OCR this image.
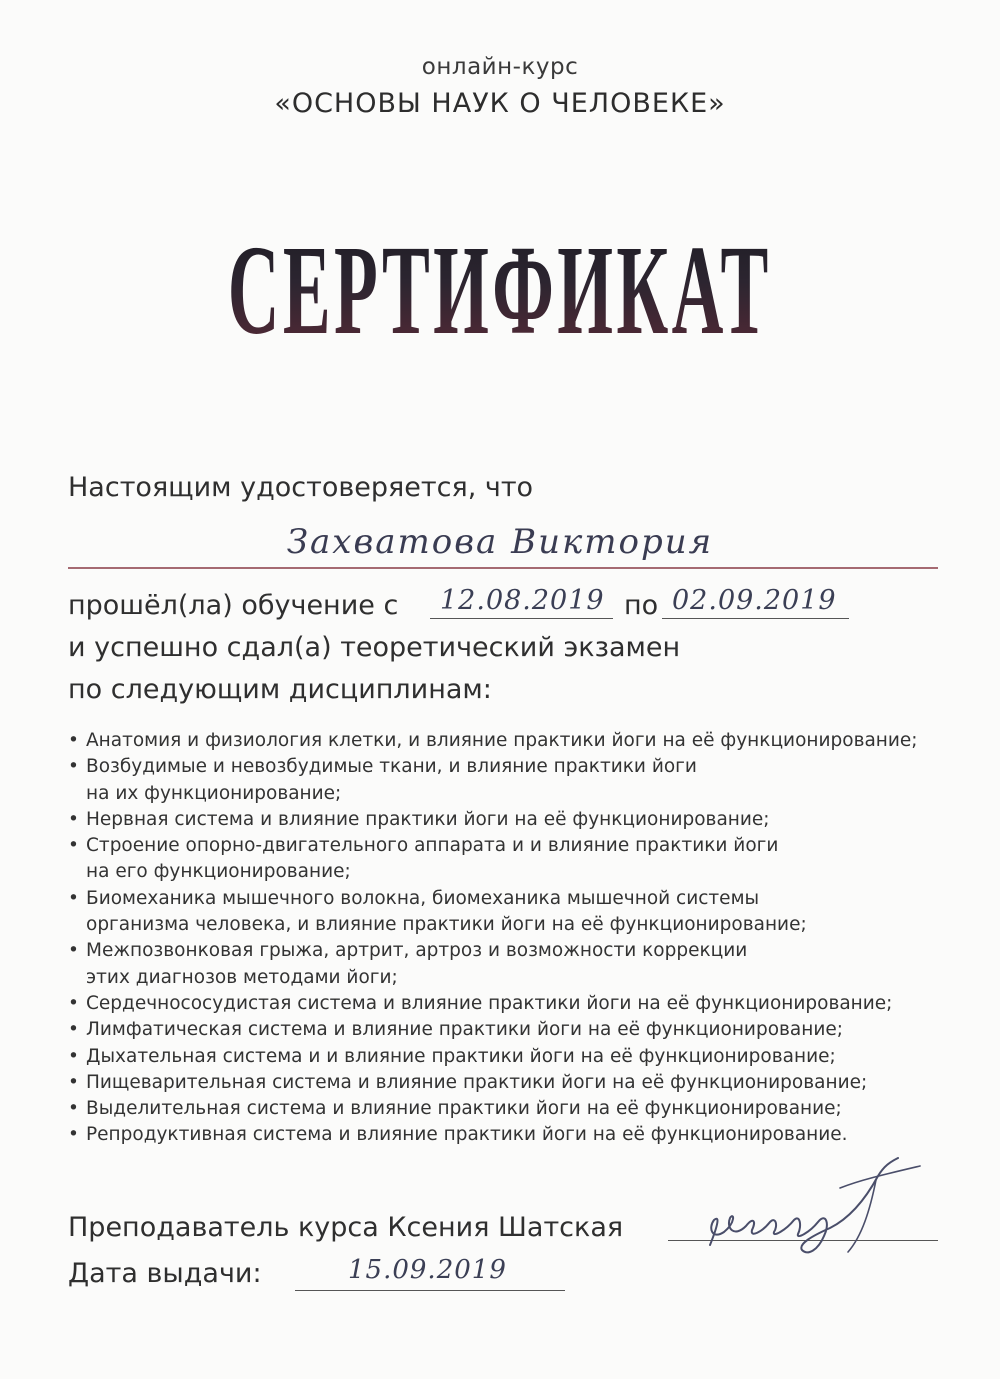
онлайн-курс
«ОСНОВЫ НАУК О ЧЕЛОВЕКЕ»
СЕРТИФИКАТ
Настоящим удостоверяется, что
Захватова Виктория
прошёл(ла) обучение с 12.08.2019 по 02.09.2019
и успешно сдал(а) теоретический экзамен
по следующим дисциплинам:
• Анатомия и физиология клетки, и влияние практики йоги на её функционирование;
• Возбудимые и невозбудимые ткани, и влияние практики йоги
на их функционирование;
• Нервная система и влияние практики йоги на её функционирование;
• Строение опорно-двигательного аппарата и и влияние практики йоги
на его функционирование;
• Биомеханика мышечного волокна, биомеханика мышечной системы
организма человека, и влияние практики йоги на её функционирование;
• Межпозвонковая грыжа, артрит, артроз и возможности коррекции
этих диагнозов методами йоги;
• Сердечнососудистая система и влияние практики йоги на её функционирование;
• Лимфатическая система и влияние практики йоги на её функционирование;
• Дыхательная система и и влияние практики йоги на её функционирование;
• Пищеварительная система и влияние практики йоги на её функционирование;
• Выделительная система и влияние практики йоги на её функционирование;
• Репродуктивная система и влияние практики йоги на её функционирование.
Преподаватель курса Ксения Шатская
Дата выдачи:	15.09.2019
